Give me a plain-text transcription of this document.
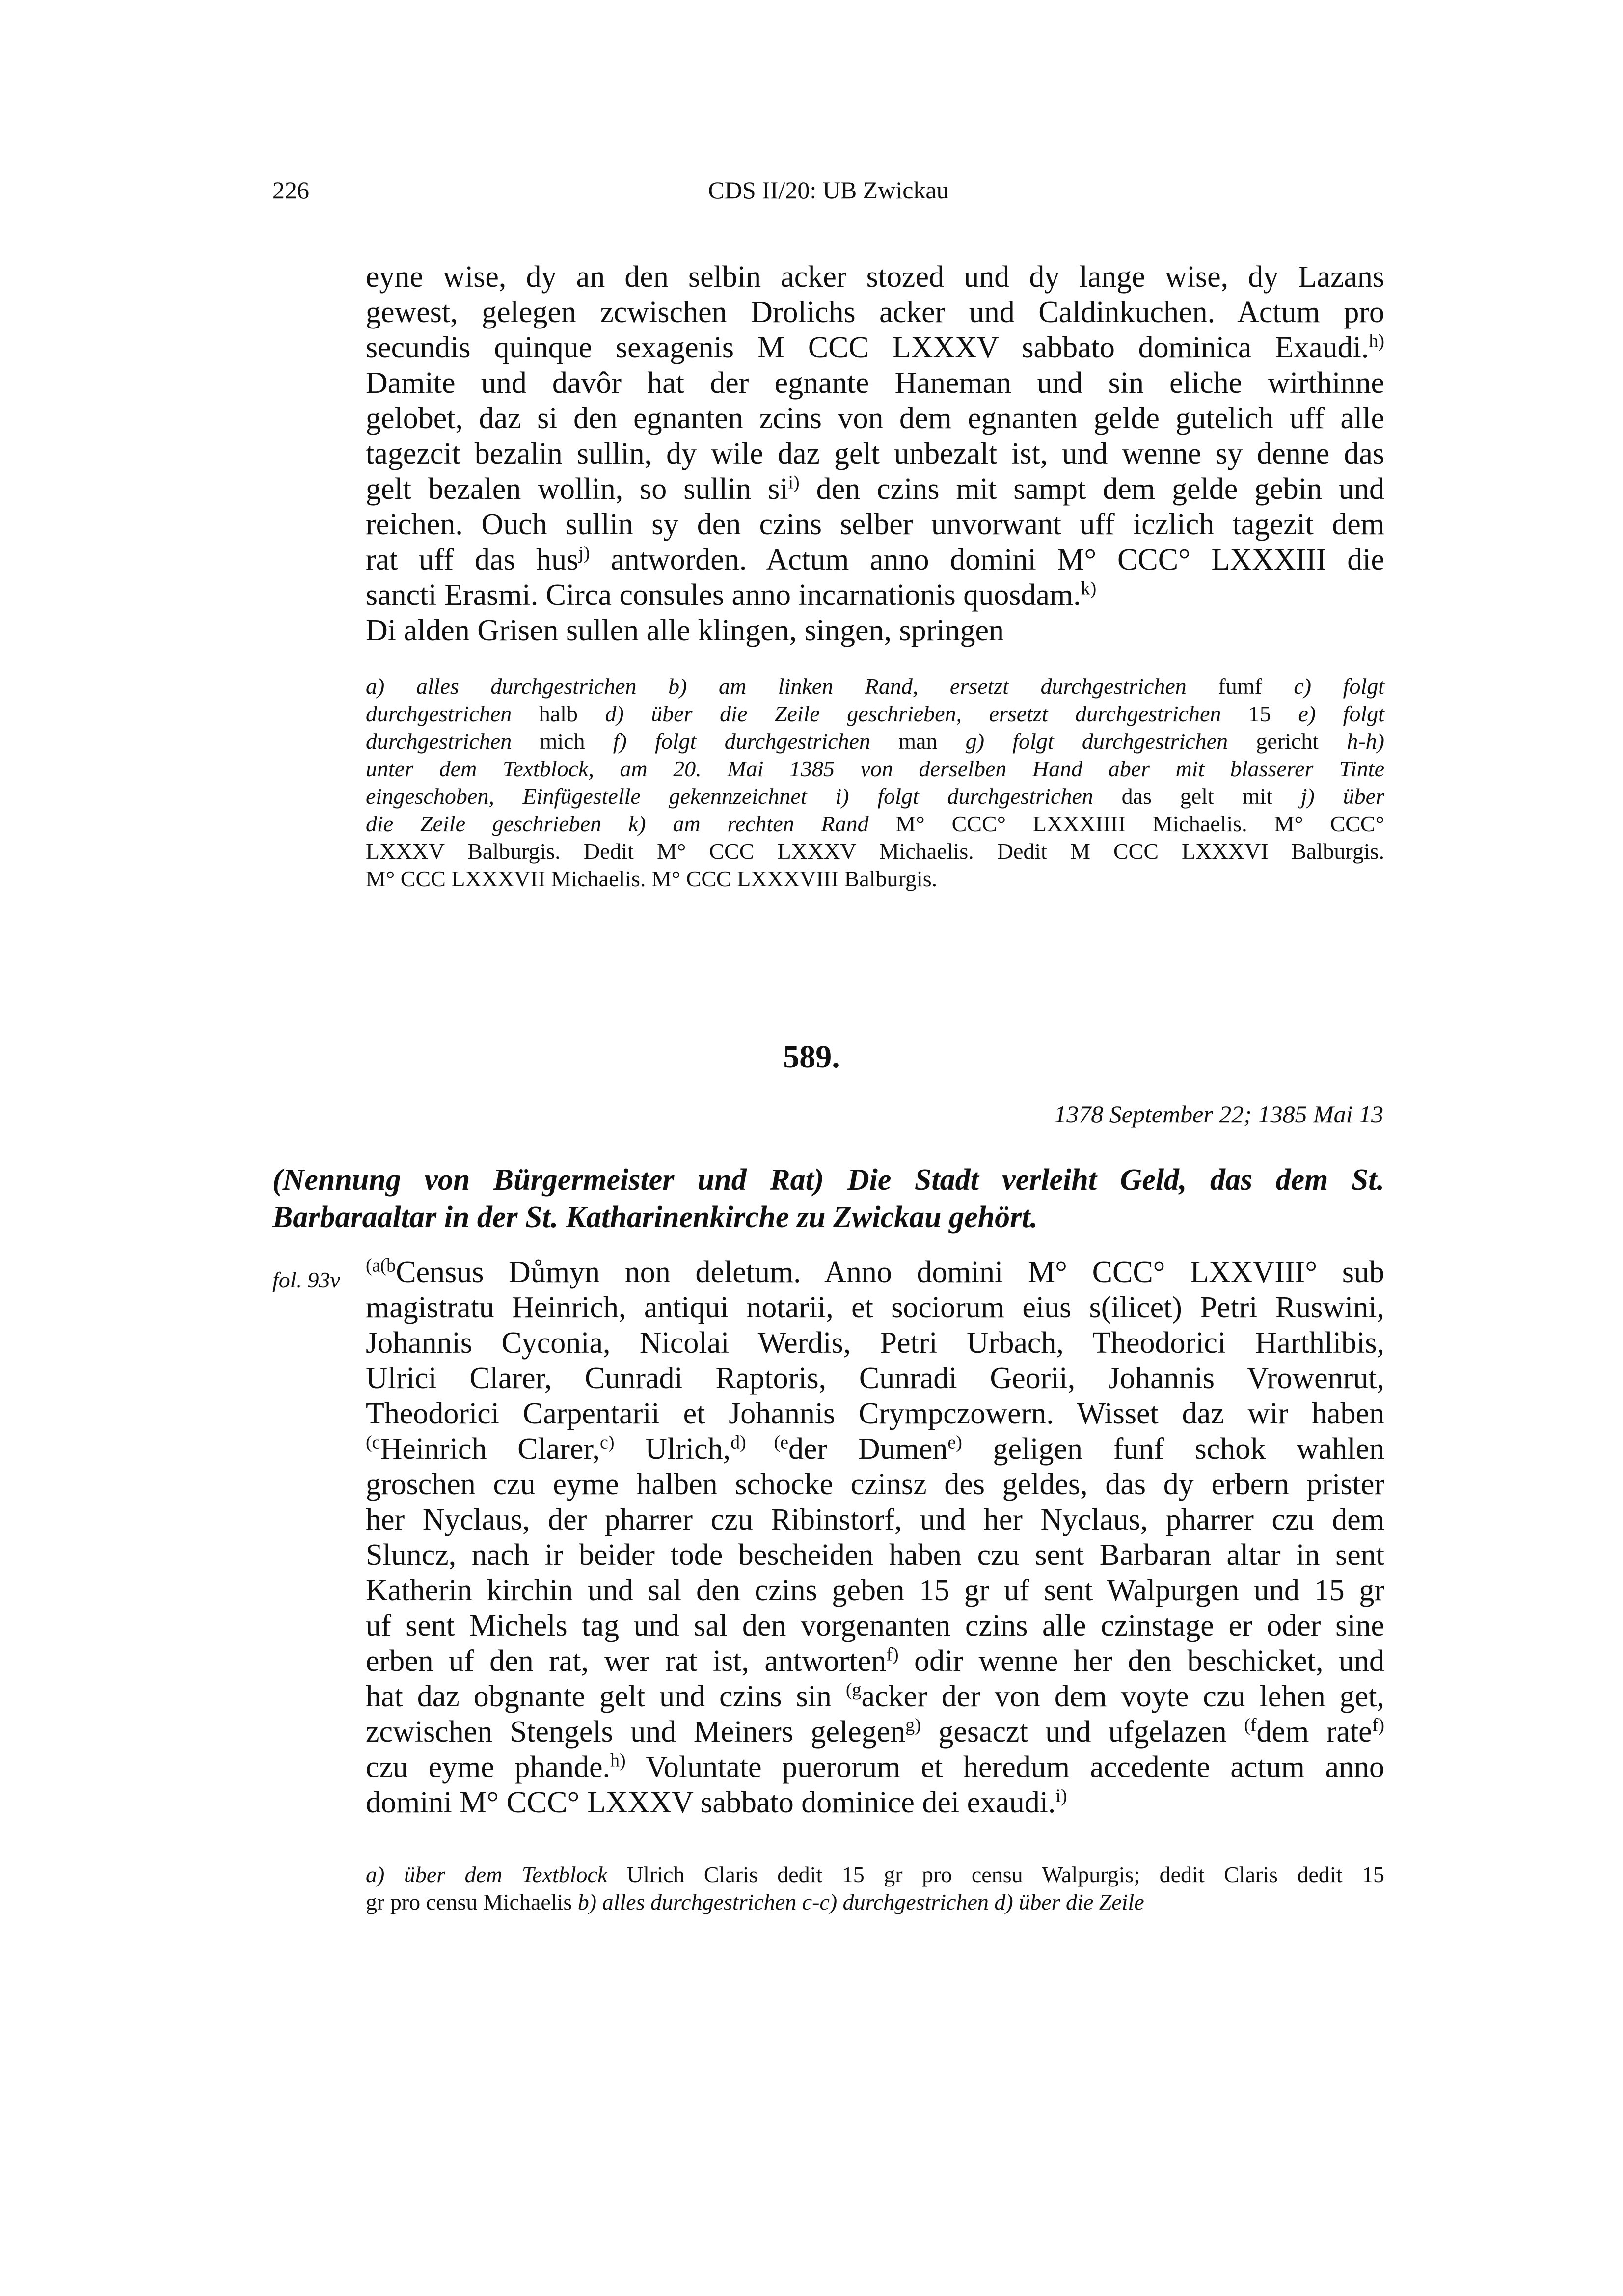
226	CDS II/20: UB Zwickau
eyne wise, dy an den selbin acker stozed und dy lange wise, dy Lazans
gewest, gelegen zcwischen Drolichs acker und Caldinkuchen. Actum pro
secundis quinque sexagenis M CCC LXXXV sabbato dominica Exaudi.$^{h)}$
Damite und davôr hat der egnante Haneman und sin eliche wirthinne
gelobet, daz si den egnanten zcins von dem egnanten gelde gutelich uff alle
tagezcit bezalin sullin, dy wile daz gelt unbezalt ist, und wenne sy denne das
gelt bezalen wollin, so sullin $si^{i)}$ den czins mit sampt dem gelde gebin und
reichen. Ouch sullin sy den czins selber unvorwant uff iczlich tagezit dem
rat uff das hus$^{j)}$ antworden. Actum anno domini M° CCC° LXXXIII die
sancti Erasmi. Circa consules anno incarnationis quosdam.$^{k)}$
Di alden Grisen sullen alle klingen, singen, springen
a) alles durchgestrichen b) am linken Rand, ersetzt durchgestrichen fumf c) folgt
durchgestrichen halb d) über die Zeile geschrieben, ersetzt durchgestrichen 15 e) folgt
durchgestrichen mich f) folgt durchgestrichen man g) folgt durchgestrichen gericht h-h)
unter dem Textblock, am 20. Mai 1385 von derselben Hand aber mit blasserer Tinte
eingeschoben, Einfügestelle gekennzeichnet i) folgt durchgestrichen das gelt mit j) über
die Zeile geschrieben k) am rechten Rand M° CCC° LXXXIIII Michaelis. M° CCC°
LXXXV Balburgis. Dedit M° CCC LXXXV Michaelis. Dedit M CCC LXXXVI Balburgis.
M° CCC LXXXVII Michaelis. M° CCC LXXXVIII Balburgis.
589.
1378 September 22; 1385 Mai 13
(Nennung von Bürgermeister und Rat) Die Stadt verleiht Geld, das dem St.
Barbaraaltar in der St. Katharinenkirche zu Zwickau gehört.
fol. 93v
$^{(a(b}$Census Důmyn non deletum. Anno domini M° CCC° LXXVIII° sub
magistratu Heinrich, antiqui notarii, et sociorum eius s(ilicet) Petri Ruswini,
Johannis Cyconia, Nicolai Werdis, Petri Urbach, Theodorici Harthlibis,
Ulrici Clarer, Cunradi Raptoris, Cunradi Georii, Johannis Vrowenrut,
Theodorici Carpentarii et Johannis Crympczowern. Wisset daz wir haben
$^{(c}$Heinrich Clarer,$^{c)}$ Ulrich,$^{d)}$ $^{(e}$der Dumen$^{e)}$ geligen funf schok wahlen
groschen czu eyme halben schocke czinsz des geldes, das dy erbern prister
her Nyclaus, der pharrer czu Ribinstorf, und her Nyclaus, pharrer czu dem
Sluncz, nach ir beider tode bescheiden haben czu sent Barbaran altar in sent
Katherin kirchin und sal den czins geben 15 gr uf sent Walpurgen und 15 gr
uf sent Michels tag und sal den vorgenanten czins alle czinstage er oder sine
erben uf den rat, wer rat ist, antworten$^{f)}$ odir wenne her den beschicket, und
hat daz obgnante gelt und czins sin $^{(g}$acker der von dem voyte czu lehen get,
zcwischen Stengels und Meiners gelegen$^{g)}$ gesaczt und ufgelazen $^{(f}$dem rate$^{f)}$
czu eyme phande.$^{h)}$ Voluntate puerorum et heredum accedente actum anno
domini M° CCC° LXXXV sabbato dominice dei exaudi.$^{i)}$
a) über dem Textblock Ulrich Claris dedit 15 gr pro censu Walpurgis; dedit Claris dedit 15
gr pro censu Michaelis b) alles durchgestrichen c-c) durchgestrichen d) über die Zeile
